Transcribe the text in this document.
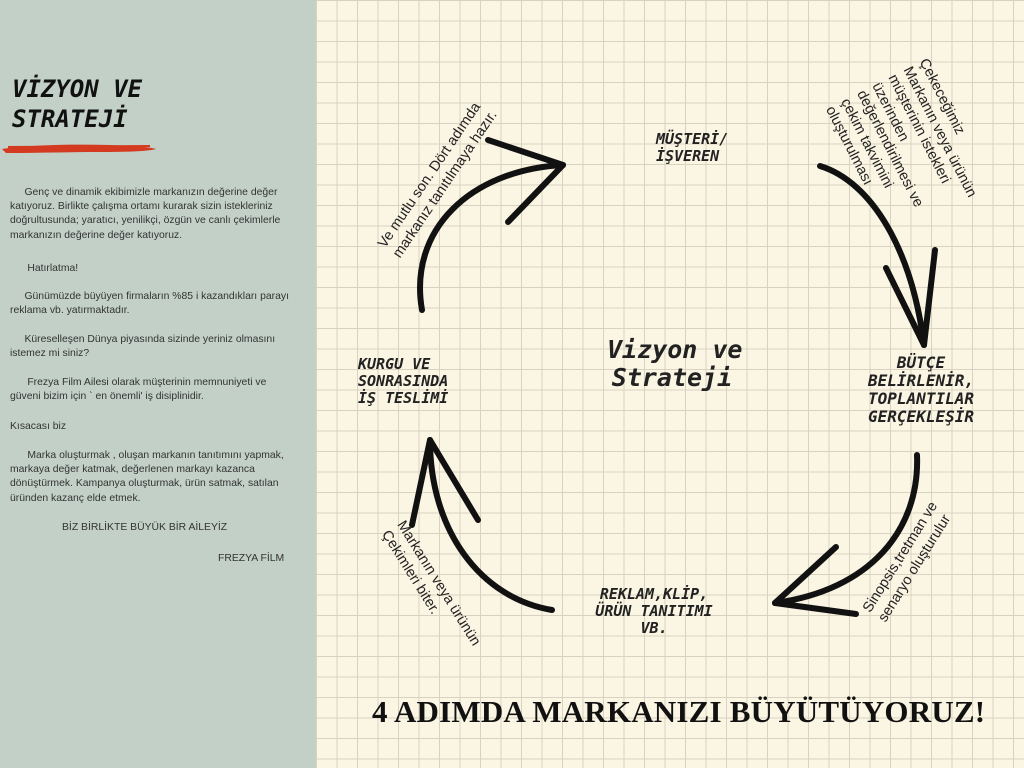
VİZYON VE
STRATEJİ

Genç ve dinamik ekibimizle markanızın değerine değer katıyoruz. Birlikte çalışma ortamı kurarak sizin istekleriniz doğrultusunda; yaratıcı, yenilikçi, özgün ve canlı çekimlerle markanızın değerine değer katıyoruz.

Hatırlatma!

Günümüzde büyüyen firmaların %85 i kazandıkları parayı reklama vb. yatırmaktadır.

Küreselleşen Dünya piyasında sizinde yeriniz olmasını istemez mi siniz?

Frezya Film Ailesi olarak müşterinin memnuniyeti ve güveni bizim için ` en önemli' iş disiplinidir.

Kısacası biz

Marka oluşturmak , oluşan markanın tanıtımını yapmak, markaya değer katmak, değerlenen markayı kazanca dönüştürmek. Kampanya oluşturmak, ürün satmak, satılan üründen kazanç elde etmek.

BİZ BİRLİKTE BÜYÜK BİR AİLEYİZ

FREZYA FİLM

Vizyon ve
Strateji

MÜŞTERİ/
İŞVEREN

BÜTÇE
BELİRLENİR,
TOPLANTILAR
GERÇEKLEŞİR

REKLAM,KLİP,
ÜRÜN TANITIMI
VB.

KURGU VE
SONRASINDA
İŞ TESLİMİ

Çekeceğimiz
Markanın veya ürünün
müşterinin istekleri
üzerinden
değerlendirilmesi ve
çekim takvimini
oluşturulması

Sinopsis,tretman ve
senaryo oluşturulur

Markanın veya ürünün
Çekimleri biter.

Ve mutlu son. Dört adımda
markanız tanıtılmaya hazır.

4 ADIMDA MARKANIZI BÜYÜTÜYORUZ!
